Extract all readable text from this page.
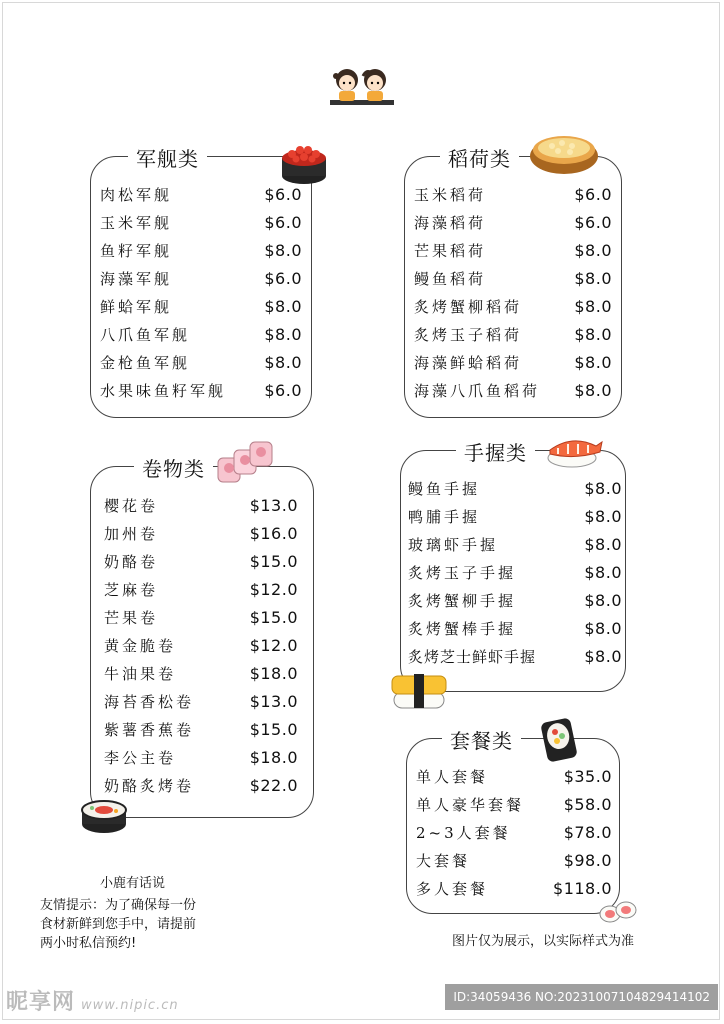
军舰类
肉松军舰	$6.0
玉米军舰	$6.0
鱼籽军舰	$8.0
海藻军舰	$6.0
鲜蛤军舰	$8.0
八爪鱼军舰	$8.0
金枪鱼军舰	$8.0
水果味鱼籽军舰 $6.0
稻荷类
玉米稻荷	$6.0
海藻稻荷	$6.0
芒果稻荷	$8.0
鳗鱼稻荷	$8.0
炙烤蟹柳稻荷	$8.0
炙烤玉子稻荷	$8.0
海藻鲜蛤稻荷	$8.0
海藻八爪鱼稻荷 $8.0
卷物类
樱花卷	$13.0
加州卷	$16.0
奶酪卷	$15.0
芝麻卷	$12.0
芒果卷	$15.0
黄金脆卷	$12.0
牛油果卷	$18.0
海苔香松卷	$13.0
紫薯香蕉卷	$15.0
李公主卷	$18.0
奶酪炙烤卷	$22.0
手握类
鳗鱼手握	$8.0
鸭脯手握	$8.0
玻璃虾手握	$8.0
炙烤玉子手握	$8.0
炙烤蟹柳手握	$8.0
炙烤蟹棒手握	$8.0
炙烤芝士鲜虾手握	$8.0
套餐类
单人套餐	$35.0
单人豪华套餐 $58.0
2~3人套餐	$78.0
大套餐	$98.0
多人套餐	$118.0
小鹿有话说
友情提示：为了确保每一份
食材新鲜到您手中，请提前
两小时私信预约!	图片仅为展示，以实际样式为准
昵享网 www.nipic.cn
ID:34059436 NO:20231007104829414102
